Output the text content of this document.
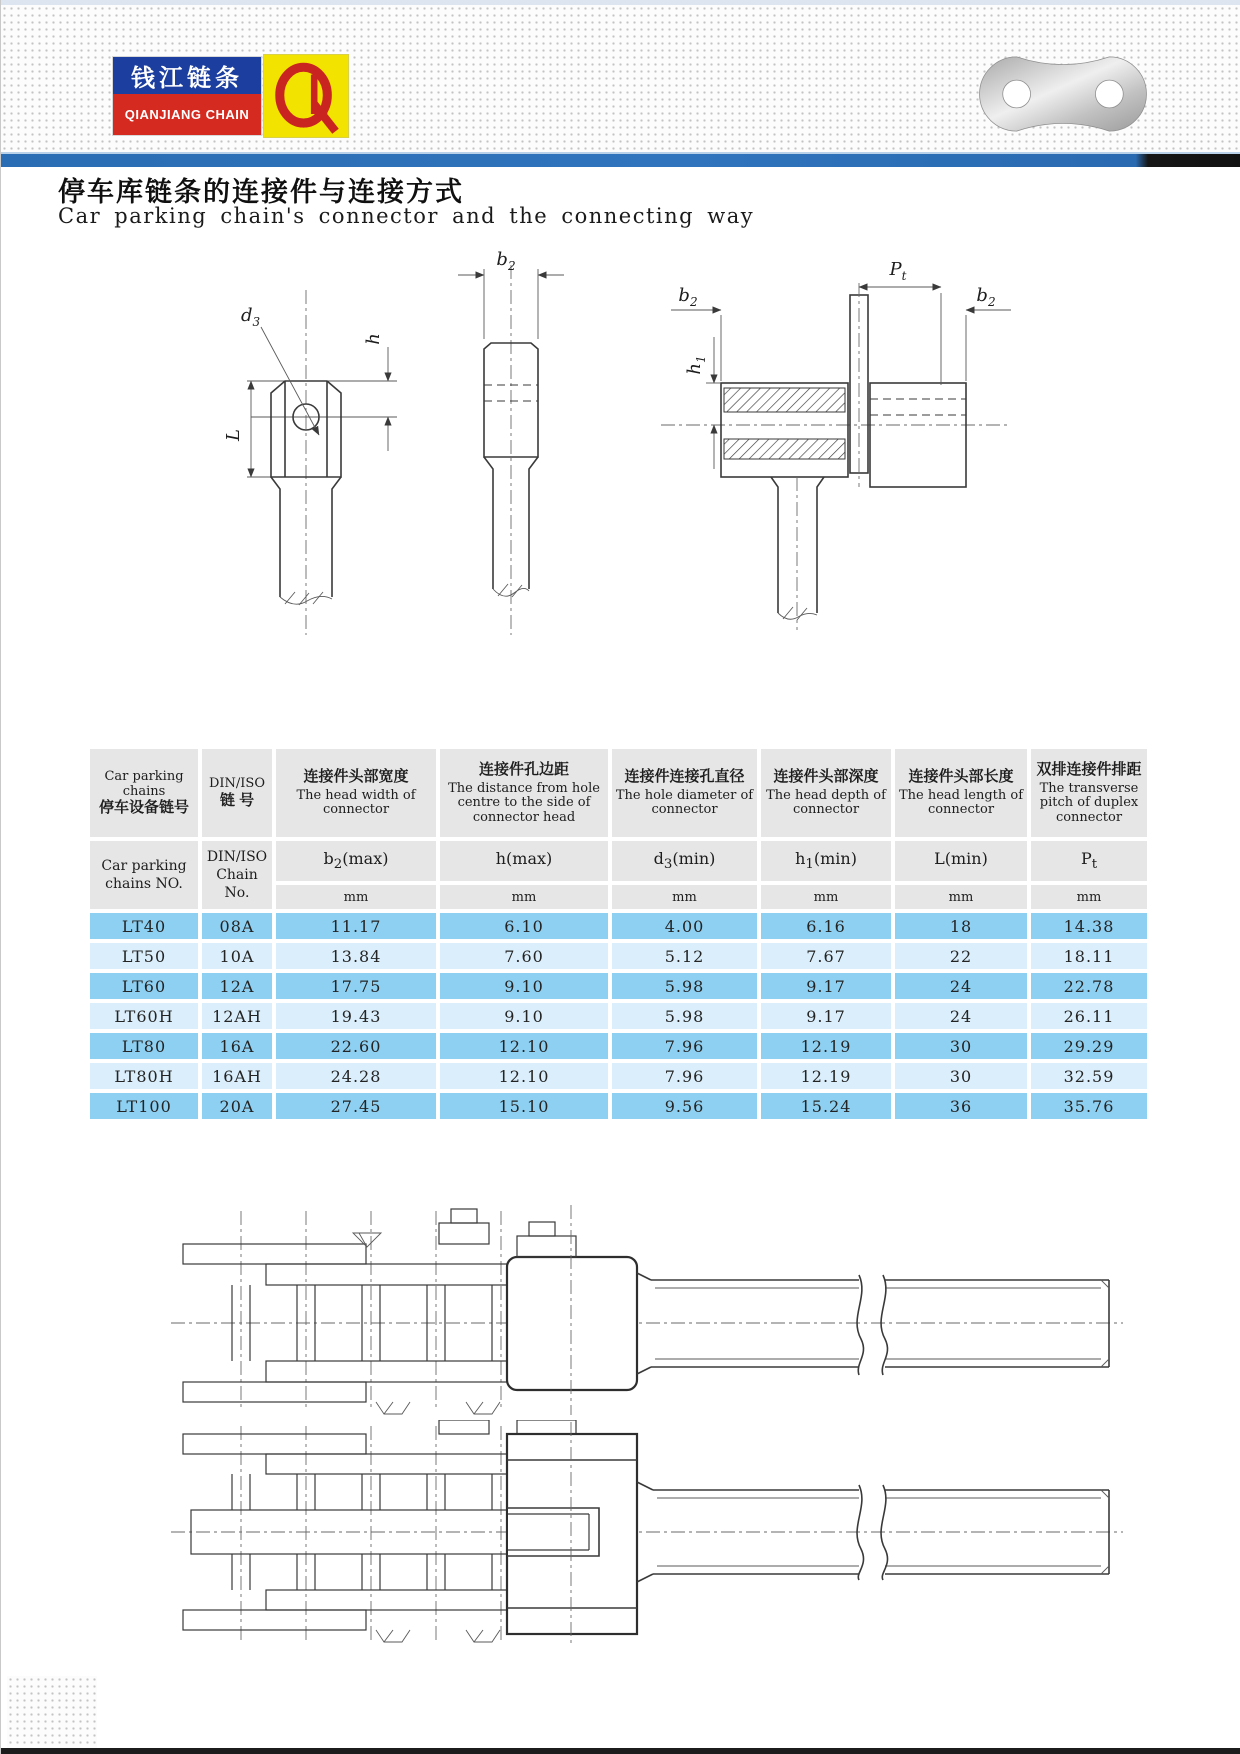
钱江链条
QIANJIANG CHAIN
停车库链条的连接件与连接方式
Car parking chain's connector and the connecting way
L
$d_3$
h
$b_2$	$P_t$
$b_2$	$b_2$
$h_1$
Car parking chains
停车设备链号

DIN/ISO
链 号

连接件头部宽度
The head width of connector

连接件孔边距
The distance from hole centre to the side of connector head

连接件连接孔直径
The hole diameter of connector

连接件头部深度
The head depth of connector

连接件头部长度
The head length of connector

双排连接件排距
The transverse pitch of duplex connector

Car parking chains NO.	DIN/ISO Chain No.	$b_2(\max)$	h(max)	$d_3(\min)$	$h_1(\min)$	L(min)	$P_t$
		mm	mm	mm	mm	mm	mm
LT40	08A	11.17	6.10	4.00	6.16	18	14.38
LT50	10A	13.84	7.60	5.12	7.67	22	18.11
LT60	12A	17.75	9.10	5.98	9.17	24	22.78
LT60H	12AH	19.43	9.10	5.98	9.17	24	26.11
LT80	16A	22.60	12.10	7.96	12.19	30	29.29
LT80H	16AH	24.28	12.10	7.96	12.19	30	32.59
LT100	20A	27.45	15.10	9.56	15.24	36	35.76
